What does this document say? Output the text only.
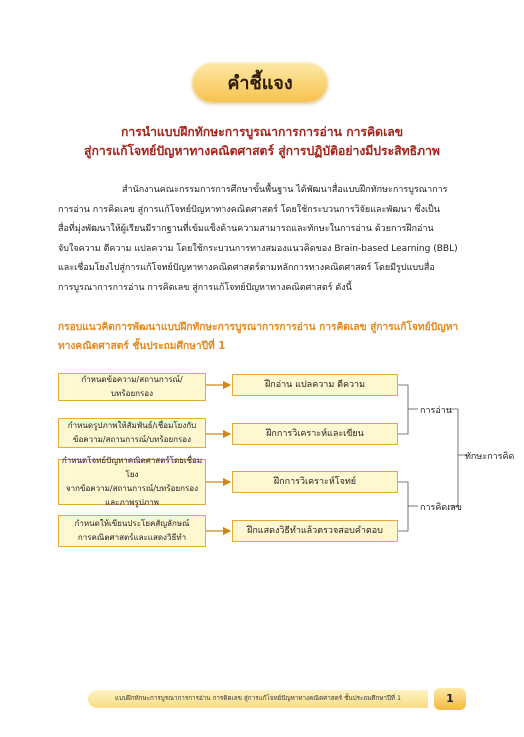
คำชี้แจง
การนำแบบฝึกทักษะการบูรณาการการอ่าน การคิดเลข
สู่การแก้โจทย์ปัญหาทางคณิตศาสตร์ สู่การปฏิบัติอย่างมีประสิทธิภาพ
สำนักงานคณะกรรมการการศึกษาขั้นพื้นฐาน ได้พัฒนาสื่อแบบฝึกทักษะการบูรณาการ
การอ่าน การคิดเลข สู่การแก้โจทย์ปัญหาทางคณิตศาสตร์ โดยใช้กระบวนการวิจัยและพัฒนา ซึ่งเป็น
สื่อที่มุ่งพัฒนาให้ผู้เรียนมีรากฐานที่เข้มแข็งด้านความสามารถและทักษะในการอ่าน ด้วยการฝึกอ่าน
จับใจความ ตีความ แปลความ โดยใช้กระบวนการทางสมองแนวคิดของ Brain-based Learning (BBL)
และเชื่อมโยงไปสู่การแก้โจทย์ปัญหาทางคณิตศาสตร์ตามหลักการทางคณิตศาสตร์ โดยมีรูปแบบสื่อ
การบูรณาการการอ่าน การคิดเลข สู่การแก้โจทย์ปัญหาทางคณิตศาสตร์ ดังนี้
กรอบแนวคิดการพัฒนาแบบฝึกทักษะการบูรณาการการอ่าน การคิดเลข สู่การแก้โจทย์ปัญหา
ทางคณิตศาสตร์ ชั้นประถมศึกษาปีที่ 1
กำหนดข้อความ/สถานการณ์/
บทร้อยกรอง
กำหนดรูปภาพให้สัมพันธ์/เชื่อมโยงกับ
ข้อความ/สถานการณ์/บทร้อยกรอง
กำหนดโจทย์ปัญหาคณิตศาสตร์โดยเชื่อมโยง
จากข้อความ/สถานการณ์/บทร้อยกรอง
และภาพรูปภาพ
กำหนดให้เขียนประโยคสัญลักษณ์
การคณิตศาสตร์และแสดงวิธีทำ
ฝึกอ่าน แปลความ ตีความ
ฝึกการวิเคราะห์และเขียน
ฝึกการวิเคราะห์โจทย์
ฝึกแสดงวิธีทำแล้วตรวจสอบคำตอบ
การอ่าน
การคิดเลข
ทักษะการคิด
แบบฝึกทักษะการบูรณาการการอ่าน การคิดเลข สู่การแก้โจทย์ปัญหาทางคณิตศาสตร์ ชั้นประถมศึกษาปีที่ 1	1
